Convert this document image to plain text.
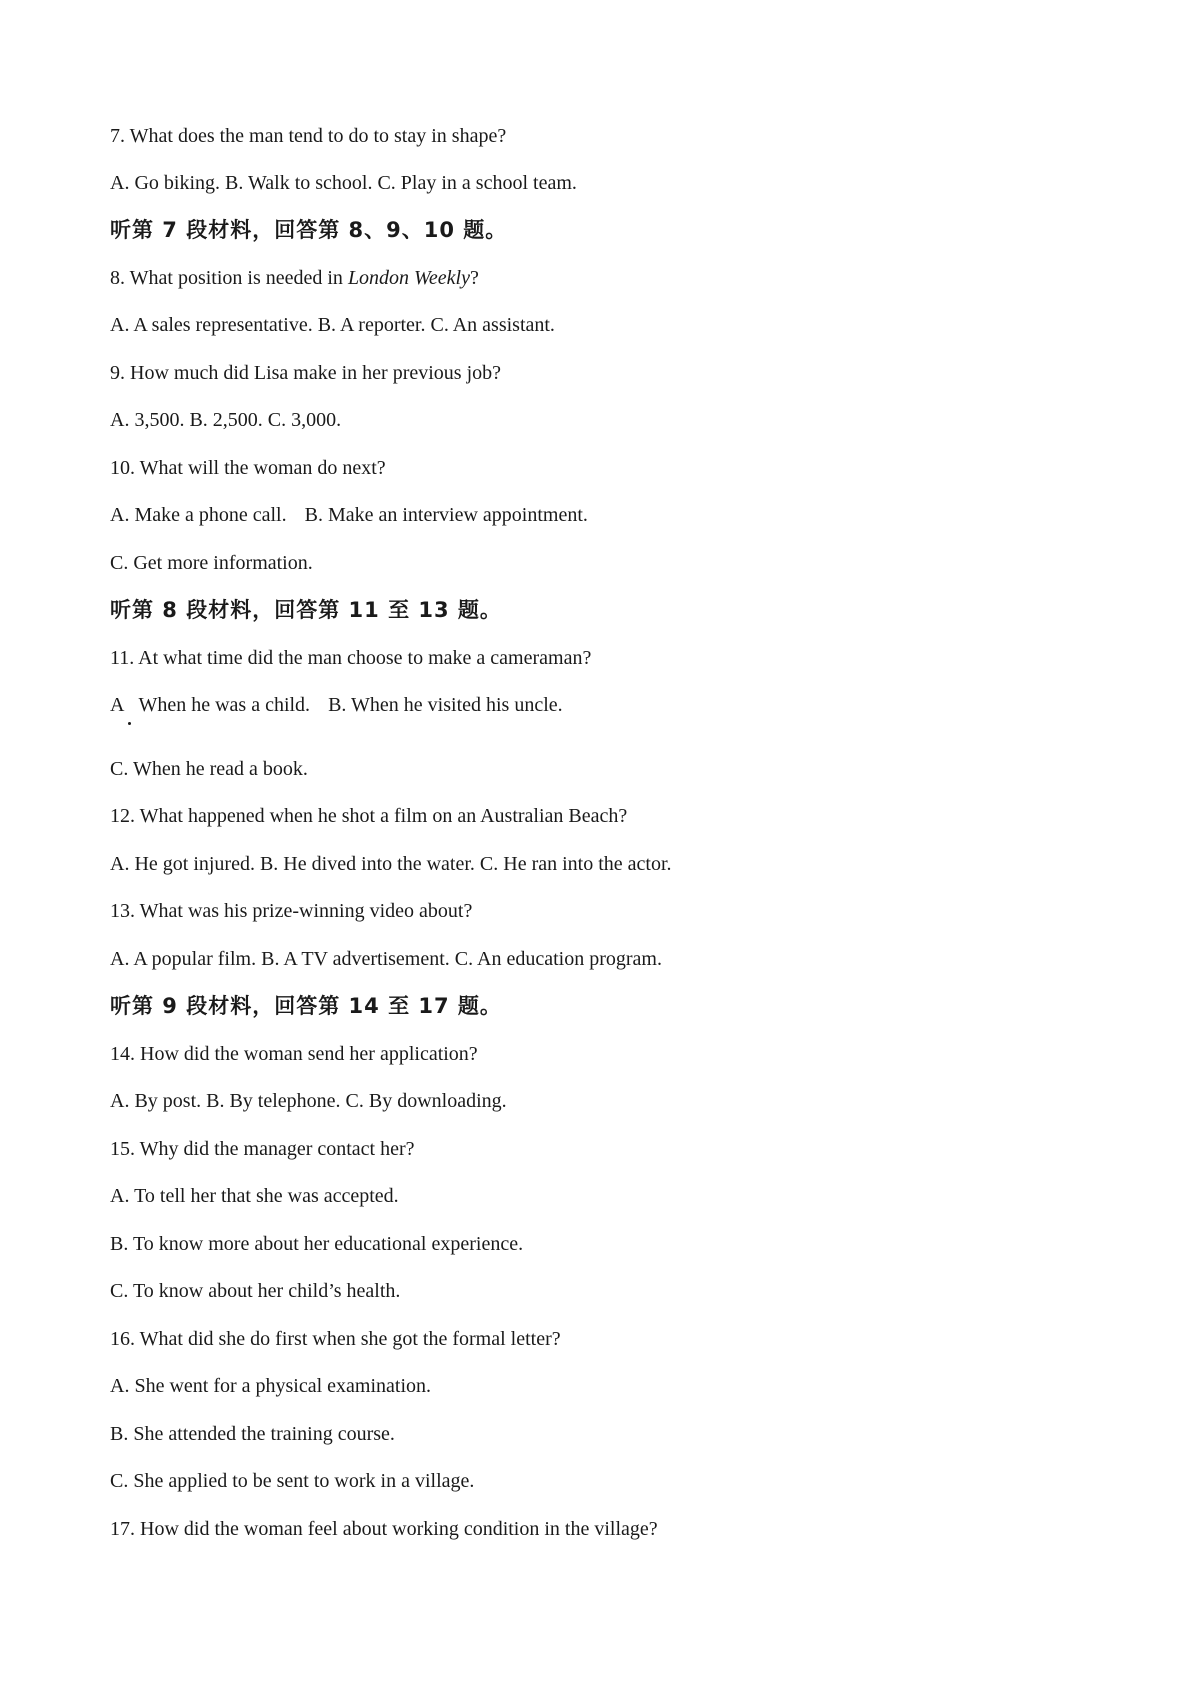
7. What does the man tend to do to stay in shape?
A. Go biking. B. Walk to school. C. Play in a school team.
听第 7 段材料，回答第 8、9、10 题。
8. What position is needed in London Weekly?
A. A sales representative. B. A reporter. C. An assistant.
9. How much did Lisa make in her previous job?
A. 3,500. B. 2,500. C. 3,000.
10. What will the woman do next?
A. Make a phone call. B. Make an interview appointment.
C. Get more information.
听第 8 段材料，回答第 11 至 13 题。
11. At what time did the man choose to make a cameraman?
A When he was a child. B. When he visited his uncle.
C. When he read a book.
12. What happened when he shot a film on an Australian Beach?
A. He got injured. B. He dived into the water. C. He ran into the actor.
13. What was his prize-winning video about?
A. A popular film. B. A TV advertisement. C. An education program.
听第 9 段材料，回答第 14 至 17 题。
14. How did the woman send her application?
A. By post. B. By telephone. C. By downloading.
15. Why did the manager contact her?
A. To tell her that she was accepted.
B. To know more about her educational experience.
C. To know about her child’s health.
16. What did she do first when she got the formal letter?
A. She went for a physical examination.
B. She attended the training course.
C. She applied to be sent to work in a village.
17. How did the woman feel about working condition in the village?
